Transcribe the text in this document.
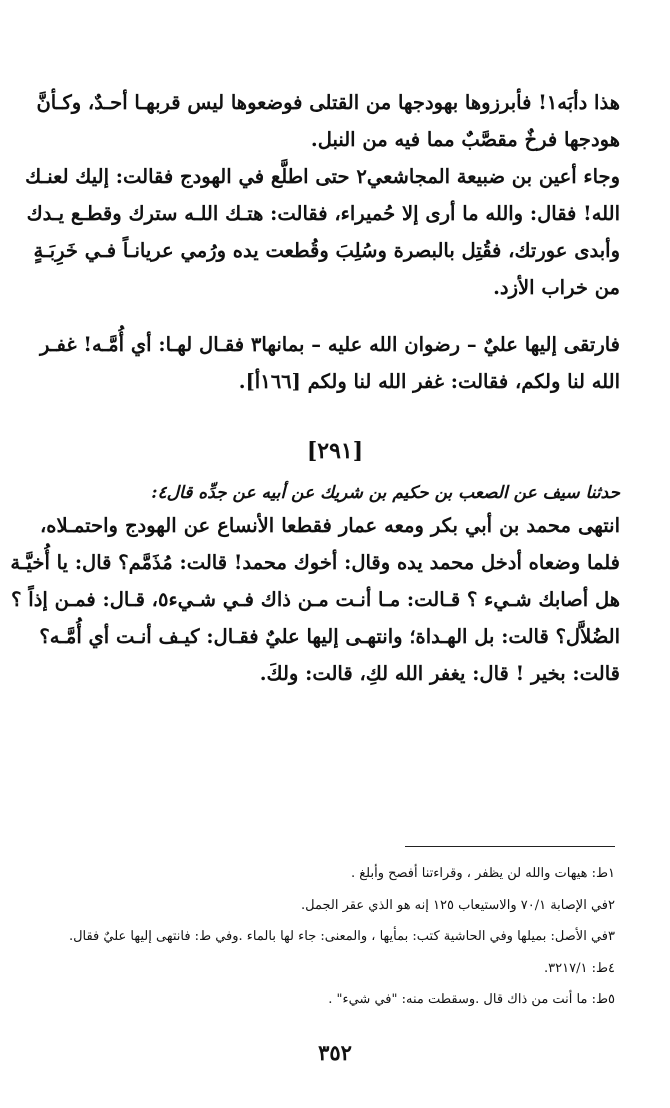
هذا دأبَه١! فأبرزوها بهودجها من القتلى فوضعوها ليس قربهـا أحـدٌ، وكـأنَّ
هودجها فرخٌ مقصَّبٌ مما فيه من النبل.
وجاء أعين بن ضبيعة المجاشعي٢ حتى اطلَّع في الهودج فقالت: إليك لعنـك
الله! فقال: والله ما أرى إلا حُميراء، فقالت: هتـك اللـه سترك وقطـع يـدك
وأبدى عورتك، فقُتِل بالبصرة وسُلِبَ وقُطعت يده ورُمي عريانـاً فـي خَرِبَـةٍ
من خراب الأزد.
فارتقى إليها عليٌ – رضوان الله عليه – بمانها٣ فقـال لهـا: أي أُمَّـه! غفـر
الله لنا ولكم، فقالت: غفر الله لنا ولكم [١٦٦أ].
[٢٩١]
حدثنا سيف عن الصعب بن حكيم بن شريك عن أبيه عن جدِّه قال٤:
انتهى محمد بن أبي بكر ومعه عمار فقطعا الأنساع عن الهودج واحتمـلاه،
فلما وضعاه أدخل محمد يده وقال: أخوك محمد! قالت: مُذَمَّم؟ قال: يا أُخيَّـة
هل أصابك شـيء ؟ قـالت: مـا أنـت مـن ذاك فـي شـيء٥، قـال: فمـن إذاً ؟
الضُلاَّل؟ قالت: بل الهـداة؛ وانتهـى إليها عليٌ فقـال: كيـف أنـت أي أُمَّـه؟
قالت: بخير ! قال: يغفر الله لكِ، قالت: ولكَ.
١ط: هيهات والله لن يظفر ، وقراءتنا أفصح وأبلغ .
٢في الإصابة ٧٠/١ والاستيعاب ١٢٥ إنه هو الذي عقر الجمل.
٣في الأصل: بميلها وفي الحاشية كتب: بمأيها ، والمعنى: جاء لها بالماء .وفي ط: فانتهى إليها عليٌ فقال.
٤ط: ٣٢١٧/١.
٥ط: ما أنت من ذاك قال .وسقطت منه: "في شيء" .
٣٥٢
